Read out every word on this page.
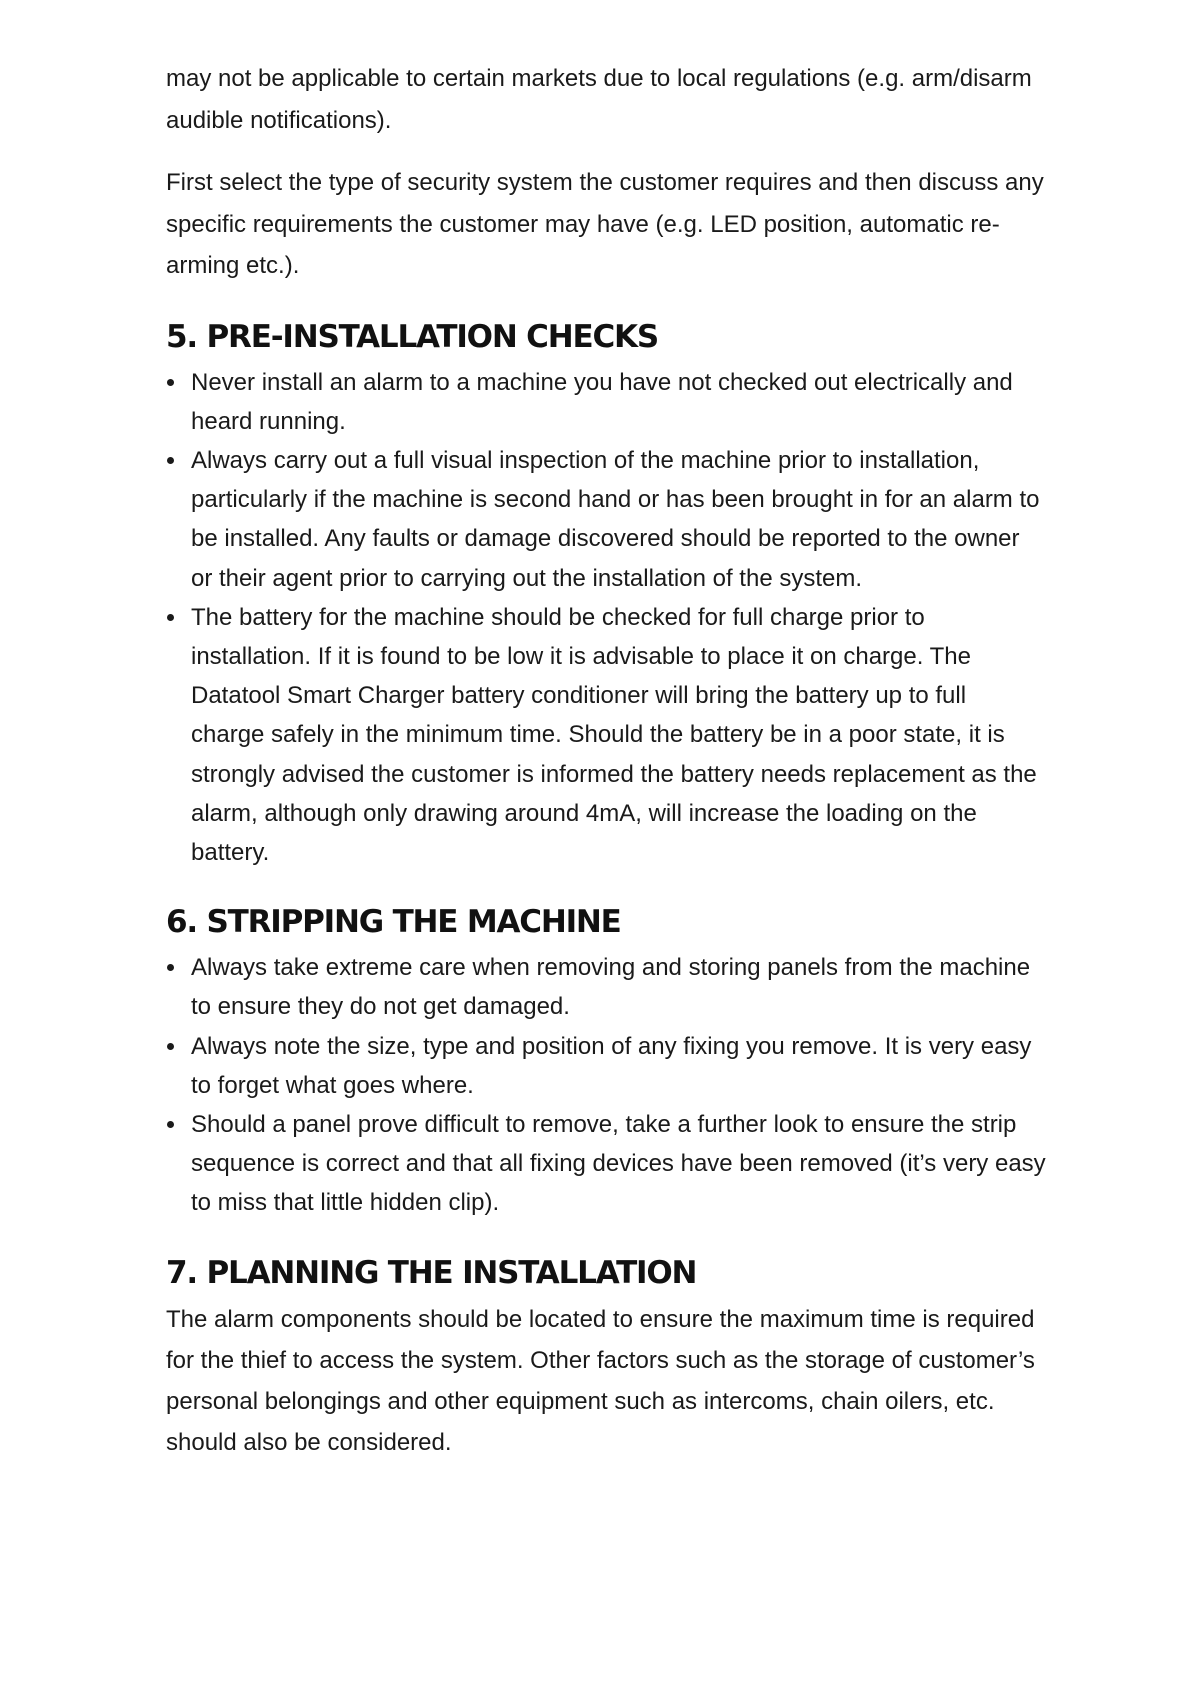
may not be applicable to certain markets due to local regulations (e.g. arm/disarm audible notifications).

First select the type of security system the customer requires and then discuss any specific requirements the customer may have (e.g. LED position, automatic re-arming etc.).

5. PRE-INSTALLATION CHECKS
Never install an alarm to a machine you have not checked out electrically and heard running.
Always carry out a full visual inspection of the machine prior to installation, particularly if the machine is second hand or has been brought in for an alarm to be installed. Any faults or damage discovered should be reported to the owner or their agent prior to carrying out the installation of the system.
The battery for the machine should be checked for full charge prior to installation. If it is found to be low it is advisable to place it on charge. The Datatool Smart Charger battery conditioner will bring the battery up to full charge safely in the minimum time. Should the battery be in a poor state, it is strongly advised the customer is informed the battery needs replacement as the alarm, although only drawing around 4mA, will increase the loading on the battery.
6. STRIPPING THE MACHINE
Always take extreme care when removing and storing panels from the machine to ensure they do not get damaged.
Always note the size, type and position of any fixing you remove. It is very easy to forget what goes where.
Should a panel prove difficult to remove, take a further look to ensure the strip sequence is correct and that all fixing devices have been removed (it’s very easy to miss that little hidden clip).
7. PLANNING THE INSTALLATION

The alarm components should be located to ensure the maximum time is required for the thief to access the system. Other factors such as the storage of customer’s personal belongings and other equipment such as intercoms, chain oilers, etc. should also be considered.
